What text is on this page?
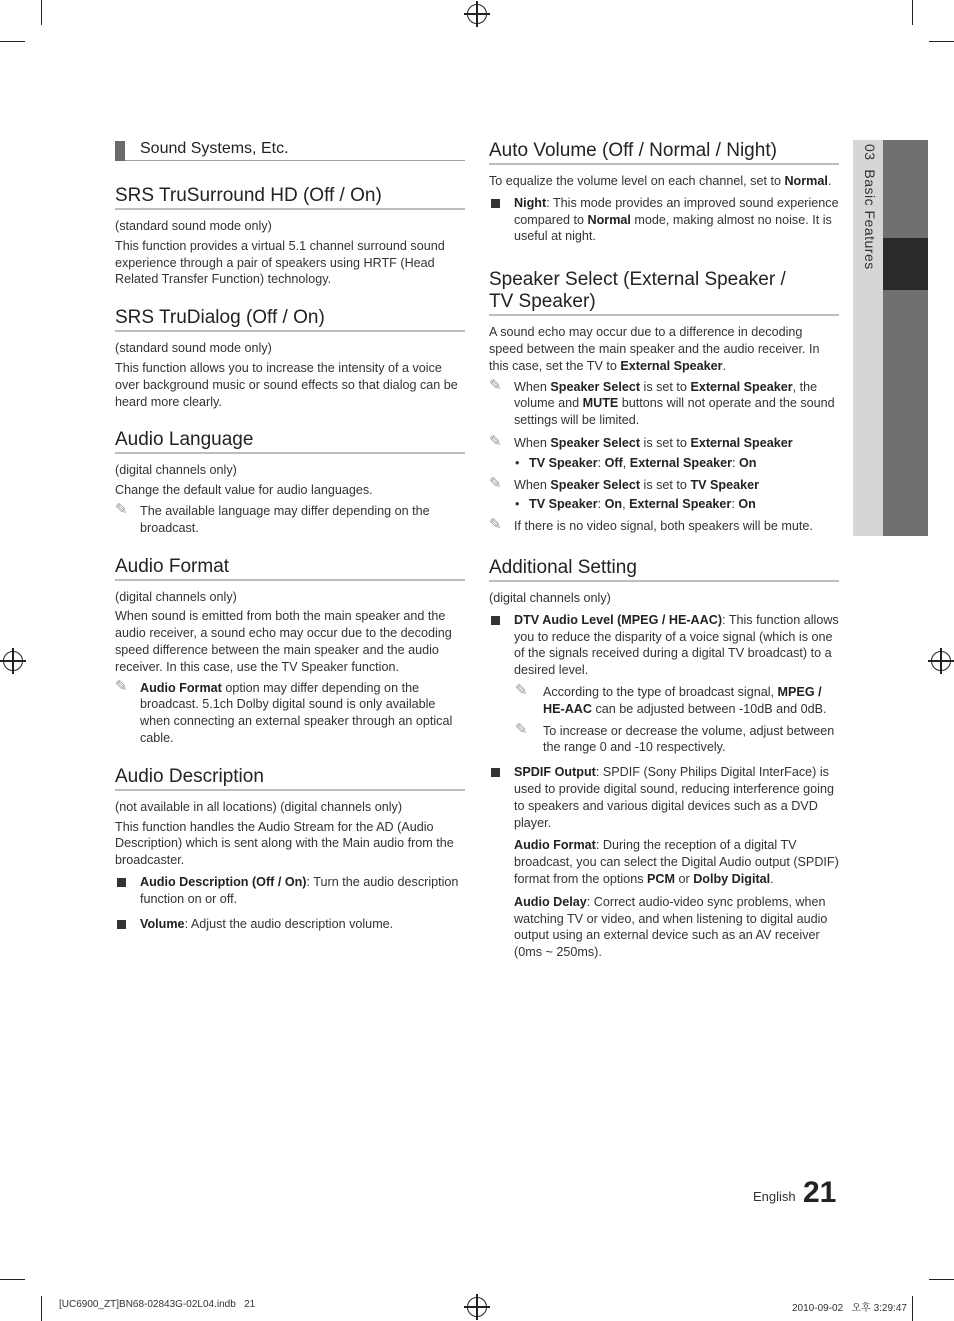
03  Basic Features
Sound Systems, Etc.
SRS TruSurround HD (Off / On)

(standard sound mode only)

This function provides a virtual 5.1 channel surround sound experience through a pair of speakers using HRTF (Head Related Transfer Function) technology.

SRS TruDialog (Off / On)

(standard sound mode only)

This function allows you to increase the intensity of a voice over background music or sound effects so that dialog can be heard more clearly.

Audio Language

(digital channels only)

Change the default value for audio languages.

✎ The available language may differ depending on the broadcast.
Audio Format

(digital channels only)

When sound is emitted from both the main speaker and the audio receiver, a sound echo may occur due to the decoding speed difference between the main speaker and the audio receiver. In this case, use the TV Speaker function.

✎ Audio Format option may differ depending on the broadcast. 5.1ch Dolby digital sound is only available when connecting an external speaker through an optical cable.
Audio Description

(not available in all locations) (digital channels only)

This function handles the Audio Stream for the AD (Audio Description) which is sent along with the Main audio from the broadcaster.

Audio Description (Off / On): Turn the audio description function on or off.
Volume: Adjust the audio description volume.
Auto Volume (Off / Normal / Night)

To equalize the volume level on each channel, set to Normal.

Night: This mode provides an improved sound experience compared to Normal mode, making almost no noise. It is useful at night.
Speaker Select (External Speaker /
TV Speaker)

A sound echo may occur due to a difference in decoding speed between the main speaker and the audio receiver. In this case, set the TV to External Speaker.

✎ When Speaker Select is set to External Speaker, the volume and MUTE buttons will not operate and the sound settings will be limited.
✎ When Speaker Select is set to External Speaker
• TV Speaker: Off, External Speaker: On
✎ When Speaker Select is set to TV Speaker
• TV Speaker: On, External Speaker: On
✎ If there is no video signal, both speakers will be mute.
Additional Setting

(digital channels only)

DTV Audio Level (MPEG / HE-AAC): This function allows you to reduce the disparity of a voice signal (which is one of the signals received during a digital TV broadcast) to a desired level.
✎ According to the type of broadcast signal, MPEG / HE-AAC can be adjusted between -10dB and 0dB.
✎ To increase or decrease the volume, adjust between the range 0 and -10 respectively.
SPDIF Output: SPDIF (Sony Philips Digital InterFace) is used to provide digital sound, reducing interference going to speakers and various digital devices such as a DVD player.
Audio Format: During the reception of a digital TV broadcast, you can select the Digital Audio output (SPDIF) format from the options PCM or Dolby Digital.
Audio Delay: Correct audio-video sync problems, when watching TV or video, and when listening to digital audio output using an external device such as an AV receiver (0ms ~ 250ms).
English 21
[UC6900_ZT]BN68-02843G-02L04.indb   21	2010-09-02   오후 3:29:47
